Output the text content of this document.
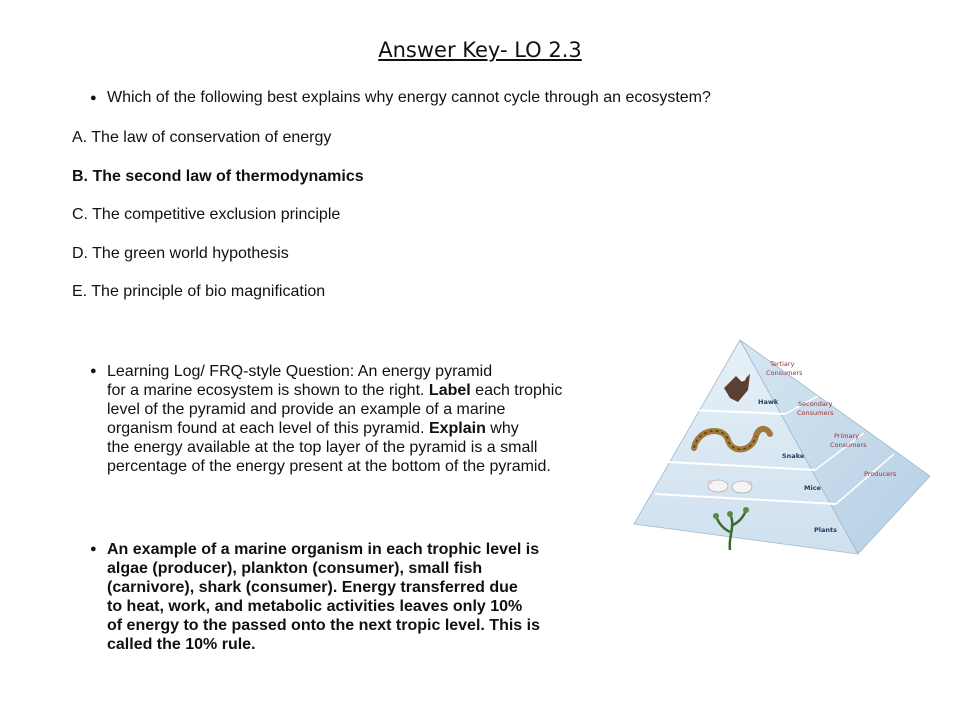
Answer Key- LO 2.3
● Which of the following best explains why energy cannot cycle through an ecosystem?
A. The law of conservation of energy
B. The second law of thermodynamics
C. The competitive exclusion principle
D. The green world hypothesis
E. The principle of bio magnification
● Learning Log/ FRQ-style Question: An energy pyramid
for a marine ecosystem is shown to the right. Label each trophic
level of the pyramid and provide an example of a marine
organism found at each level of this pyramid. Explain why
the energy available at the top layer of the pyramid is a small
percentage of the energy present at the bottom of the pyramid.
● An example of a marine organism in each trophic level is
algae (producer), plankton (consumer), small fish
(carnivore), shark (consumer). Energy transferred due
to heat, work, and metabolic activities leaves only 10%
of energy to the passed onto the next tropic level. This is
called the 10% rule.
Hawk
Snake
Mice
Plants
Tertiary
Consumers
Secondary
Consumers
Primary
Consumers
Producers
